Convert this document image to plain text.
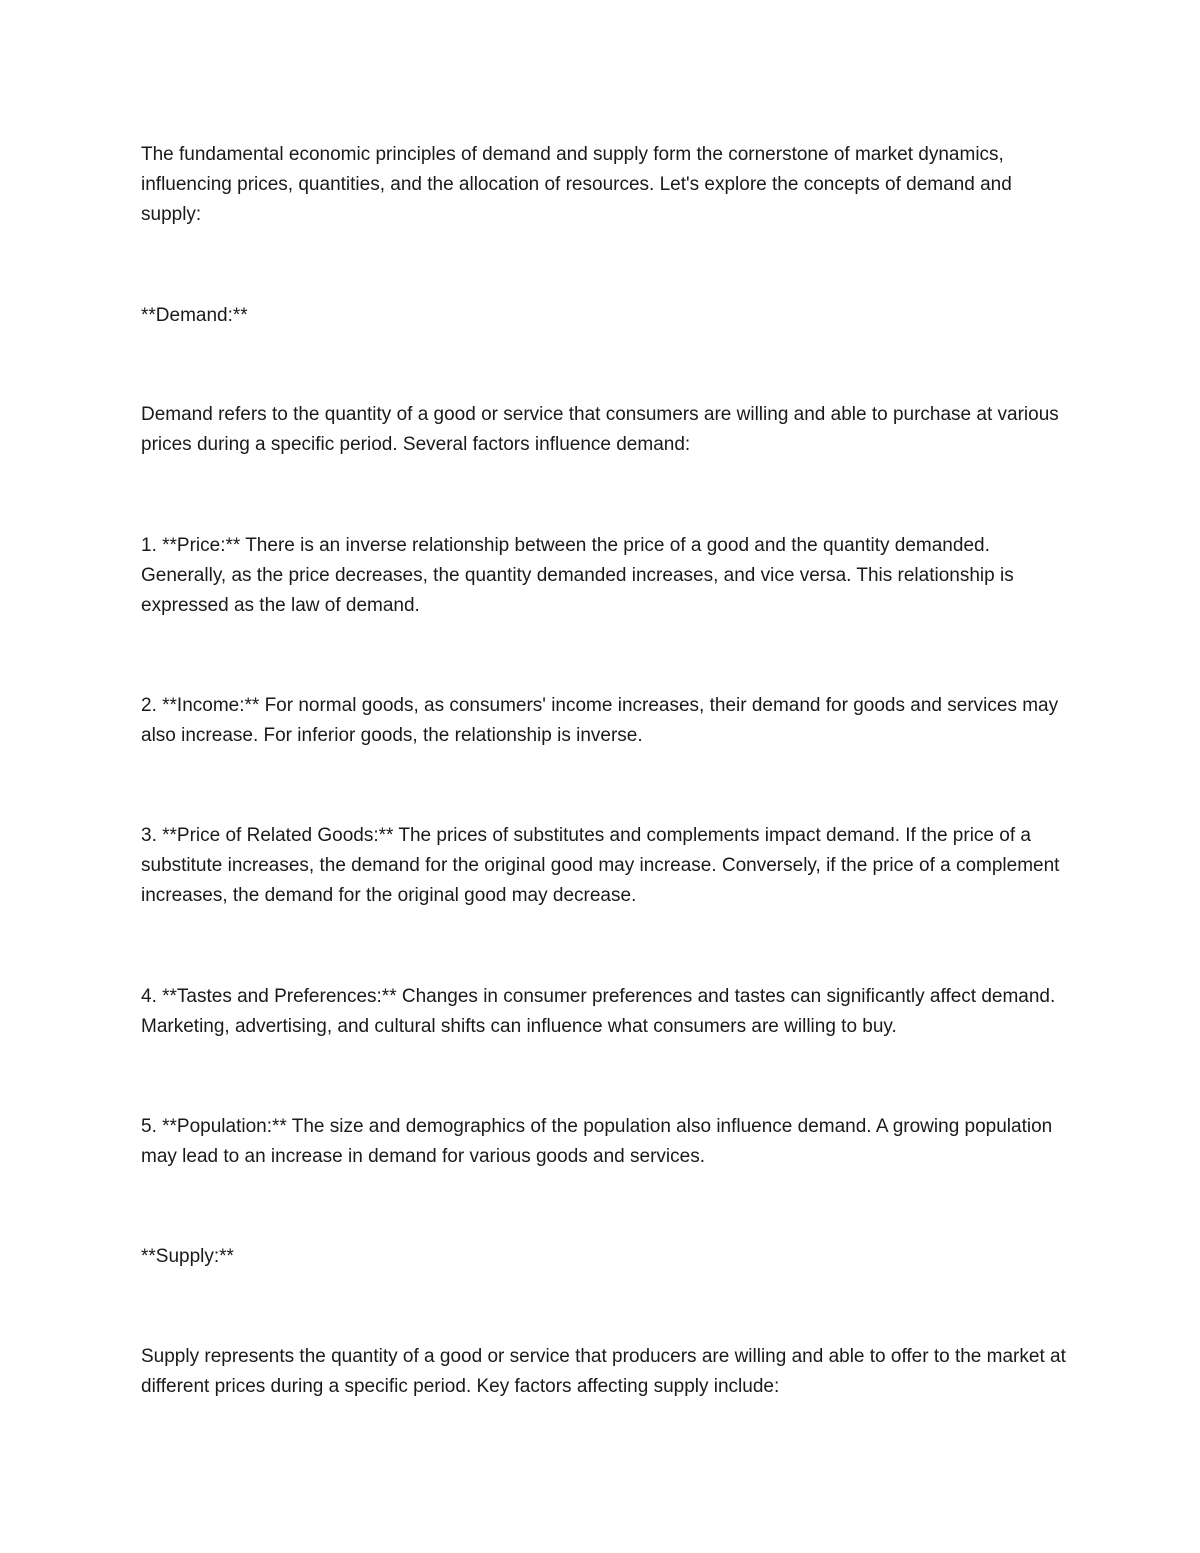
The fundamental economic principles of demand and supply form the cornerstone of market dynamics, influencing prices, quantities, and the allocation of resources. Let's explore the concepts of demand and supply:

**Demand:**

Demand refers to the quantity of a good or service that consumers are willing and able to purchase at various prices during a specific period. Several factors influence demand:

1. **Price:** There is an inverse relationship between the price of a good and the quantity demanded. Generally, as the price decreases, the quantity demanded increases, and vice versa. This relationship is expressed as the law of demand.

2. **Income:** For normal goods, as consumers' income increases, their demand for goods and services may also increase. For inferior goods, the relationship is inverse.

3. **Price of Related Goods:** The prices of substitutes and complements impact demand. If the price of a substitute increases, the demand for the original good may increase. Conversely, if the price of a complement increases, the demand for the original good may decrease.

4. **Tastes and Preferences:** Changes in consumer preferences and tastes can significantly affect demand. Marketing, advertising, and cultural shifts can influence what consumers are willing to buy.

5. **Population:** The size and demographics of the population also influence demand. A growing population may lead to an increase in demand for various goods and services.

**Supply:**

Supply represents the quantity of a good or service that producers are willing and able to offer to the market at different prices during a specific period. Key factors affecting supply include:
